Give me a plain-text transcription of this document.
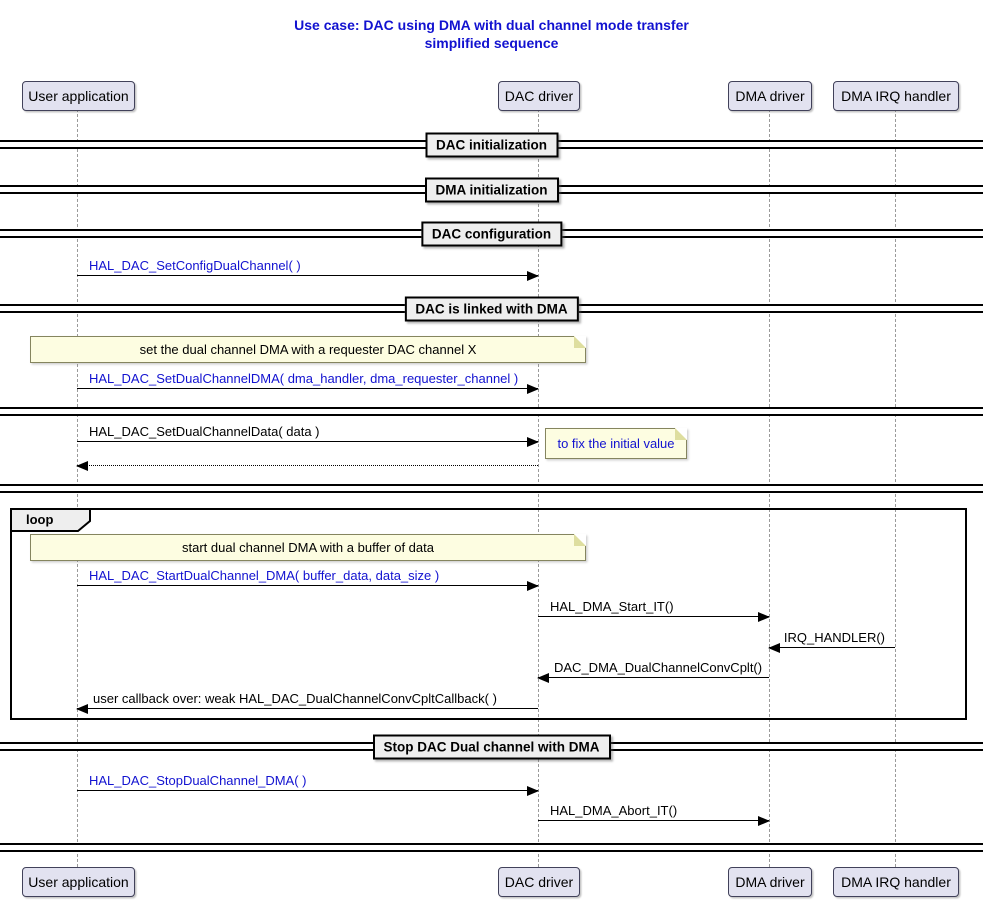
Use case: DAC using DMA with dual channel mode transfer
simplified sequence
loop
DAC initialization
DMA initialization
DAC configuration
DAC is linked with DMA
Stop DAC Dual channel with DMA
HAL_DAC_SetConfigDualChannel( )
HAL_DAC_SetDualChannelDMA( dma_handler, dma_requester_channel )
HAL_DAC_SetDualChannelData( data )
HAL_DAC_StartDualChannel_DMA( buffer_data, data_size )
HAL_DMA_Start_IT()
IRQ_HANDLER()
DAC_DMA_DualChannelConvCplt()
user callback over: weak HAL_DAC_DualChannelConvCpltCallback( )
HAL_DAC_StopDualChannel_DMA( )
HAL_DMA_Abort_IT()
set the dual channel DMA with a requester DAC channel X
to fix the initial value
start dual channel DMA with a buffer of data
User application	DAC driver	DMA driver	DMA IRQ handler
User application	DAC driver	DMA driver	DMA IRQ handler
